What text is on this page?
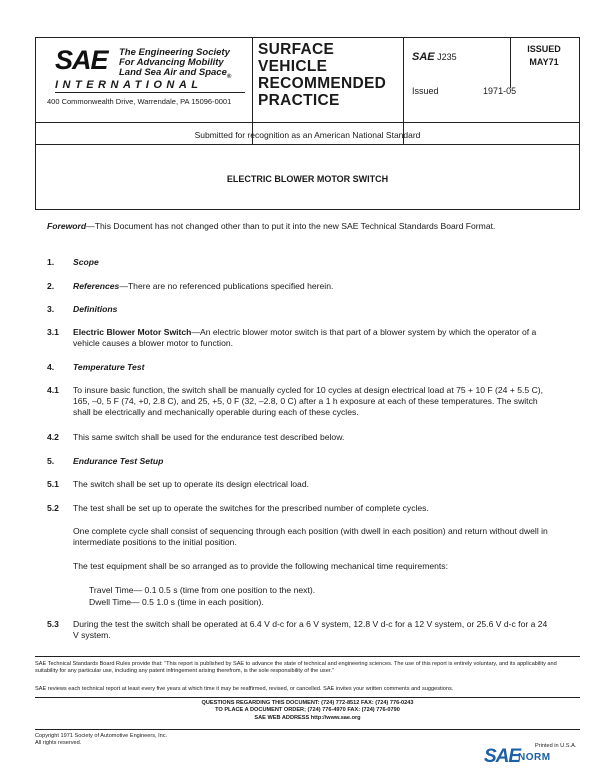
SAE The Engineering Society
For Advancing Mobility
Land Sea Air and Space$_®$
INTERNATIONAL
400 Commonwealth Drive, Warrendale, PA 15096-0001
SURFACE
VEHICLE
RECOMMENDED
PRACTICE
SAE J235
Issued	1971-05
ISSUED
MAY71
Submitted for recognition as an American National Standard
ELECTRIC BLOWER MOTOR SWITCH
Foreword—This Document has not changed other than to put it into the new SAE Technical Standards Board Format.
1. Scope
2. References—There are no referenced publications specified herein.
3. Definitions
3.1 Electric Blower Motor Switch—An electric blower motor switch is that part of a blower system by which the operator of a vehicle causes a blower motor to function.
4. Temperature Test
4.1 To insure basic function, the switch shall be manually cycled for 10 cycles at design electrical load at 75 + 10 F (24 + 5.5 C), 165, –0, 5 F (74, +0, 2.8 C), and 25, +5, 0 F (32, –2.8, 0 C) after a 1 h exposure at each of these temperatures. The switch shall be electrically and mechanically operable during each of these cycles.
4.2 This same switch shall be used for the endurance test described below.
5. Endurance Test Setup
5.1 The switch shall be set up to operate its design electrical load.
5.2 The test shall be set up to operate the switches for the prescribed number of complete cycles.
One complete cycle shall consist of sequencing through each position (with dwell in each position) and return without dwell in intermediate positions to the initial position.
The test equipment shall be so arranged as to provide the following mechanical time requirements:
Travel Time— 0.1 0.5 s (time from one position to the next).
Dwell Time— 0.5 1.0 s (time in each position).
5.3 During the test the switch shall be operated at 6.4 V d-c for a 6 V system, 12.8 V d-c for a 12 V system, or 25.6 V d-c for a 24 V system.
SAE Technical Standards Board Rules provide that: “This report is published by SAE to advance the state of technical and engineering sciences. The use of this report is entirely voluntary, and its applicability and suitability for any particular use, including any patent infringement arising therefrom, is the sole responsibility of the user.”
SAE reviews each technical report at least every five years at which time it may be reaffirmed, revised, or cancelled. SAE invites your written comments and suggestions.
QUESTIONS REGARDING THIS DOCUMENT: (724) 772-8512 FAX: (724) 776-0243
TO PLACE A DOCUMENT ORDER; (724) 776-4970 FAX: (724) 776-0790
SAE WEB ADDRESS http://www.sae.org
Copyright 1971 Society of Automotive Engineers, Inc.
All rights reserved.	Printed in U.S.A.
SAE
NORM
